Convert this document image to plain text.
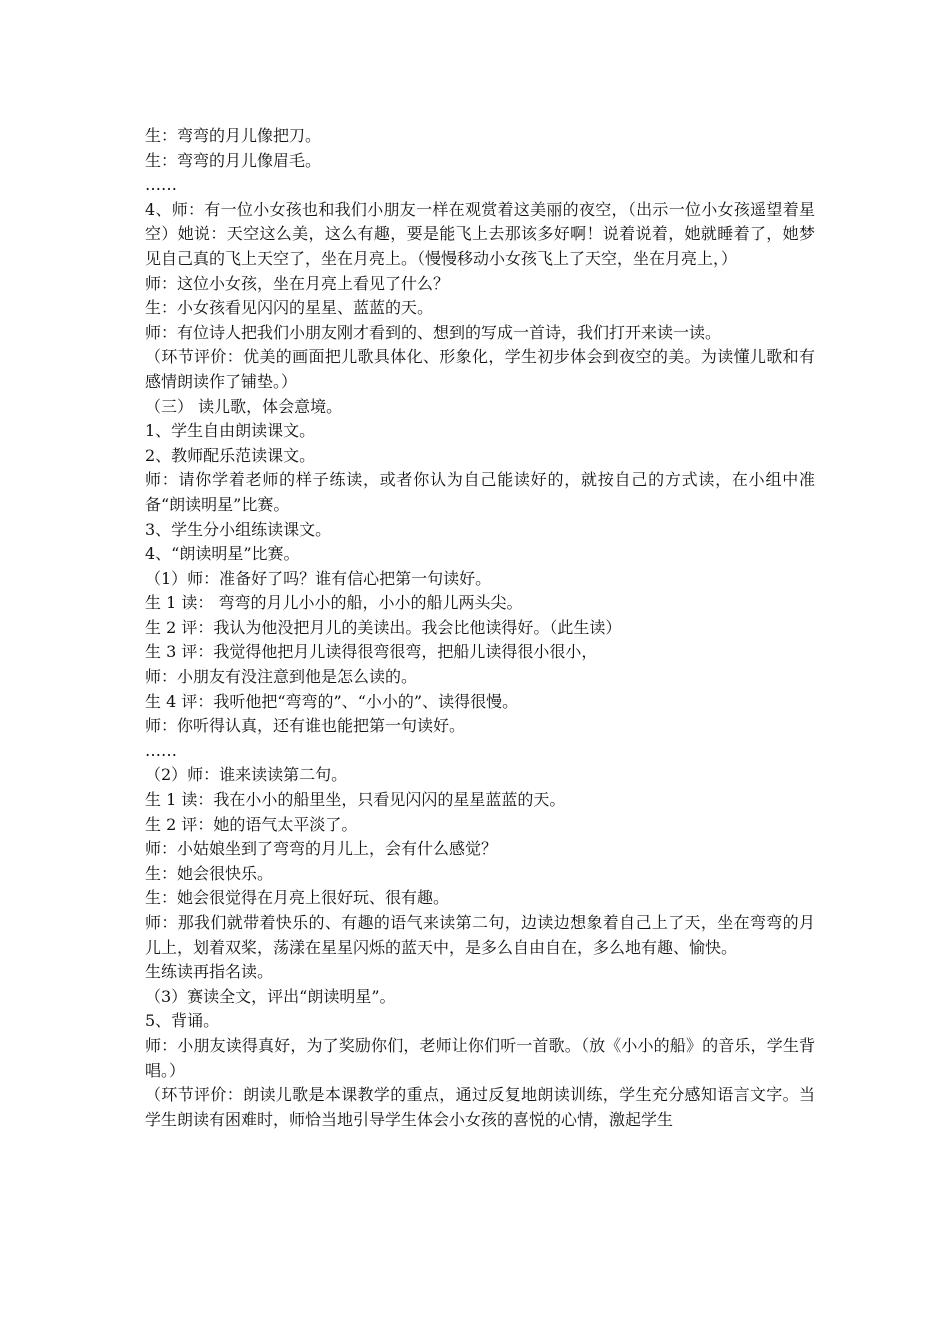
生：弯弯的月儿像把刀。
生：弯弯的月儿像眉毛。
……
4、师：有一位小女孩也和我们小朋友一样在观赏着这美丽的夜空，（出示一位小女孩遥望着星空）她说：天空这么美，这么有趣，要是能飞上去那该多好啊！说着说着，她就睡着了，她梦见自己真的飞上天空了，坐在月亮上。（慢慢移动小女孩飞上了天空，坐在月亮上，）
师：这位小女孩，坐在月亮上看见了什么？
生：小女孩看见闪闪的星星、蓝蓝的天。
师：有位诗人把我们小朋友刚才看到的、想到的写成一首诗，我们打开来读一读。
（环节评价：优美的画面把儿歌具体化、形象化，学生初步体会到夜空的美。为读懂儿歌和有感情朗读作了铺垫。）
（三） 读儿歌，体会意境。
1、学生自由朗读课文。
2、教师配乐范读课文。
师：请你学着老师的样子练读，或者你认为自己能读好的，就按自己的方式读，在小组中准备“朗读明星”比赛。
3、学生分小组练读课文。
4、“朗读明星”比赛。
（1）师：准备好了吗？谁有信心把第一句读好。
生 1 读： 弯弯的月儿小小的船，小小的船儿两头尖。
生 2 评：我认为他没把月儿的美读出。我会比他读得好。（此生读）
生 3 评：我觉得他把月儿读得很弯很弯，把船儿读得很小很小，
师：小朋友有没注意到他是怎么读的。
生 4 评：我听他把“弯弯的”、“小小的”、读得很慢。
师：你听得认真，还有谁也能把第一句读好。
……
（2）师：谁来读读第二句。
生 1 读：我在小小的船里坐，只看见闪闪的星星蓝蓝的天。
生 2 评：她的语气太平淡了。
师：小姑娘坐到了弯弯的月儿上，会有什么感觉？
生：她会很快乐。
生：她会很觉得在月亮上很好玩、很有趣。
师：那我们就带着快乐的、有趣的语气来读第二句，边读边想象着自己上了天，坐在弯弯的月儿上，划着双桨，荡漾在星星闪烁的蓝天中，是多么自由自在，多么地有趣、愉快。
生练读再指名读。
（3）赛读全文，评出“朗读明星”。
5、背诵。
师：小朋友读得真好，为了奖励你们，老师让你们听一首歌。（放《小小的船》的音乐，学生背唱。）
（环节评价：朗读儿歌是本课教学的重点，通过反复地朗读训练，学生充分感知语言文字。当学生朗读有困难时，师恰当地引导学生体会小女孩的喜悦的心情，激起学生
